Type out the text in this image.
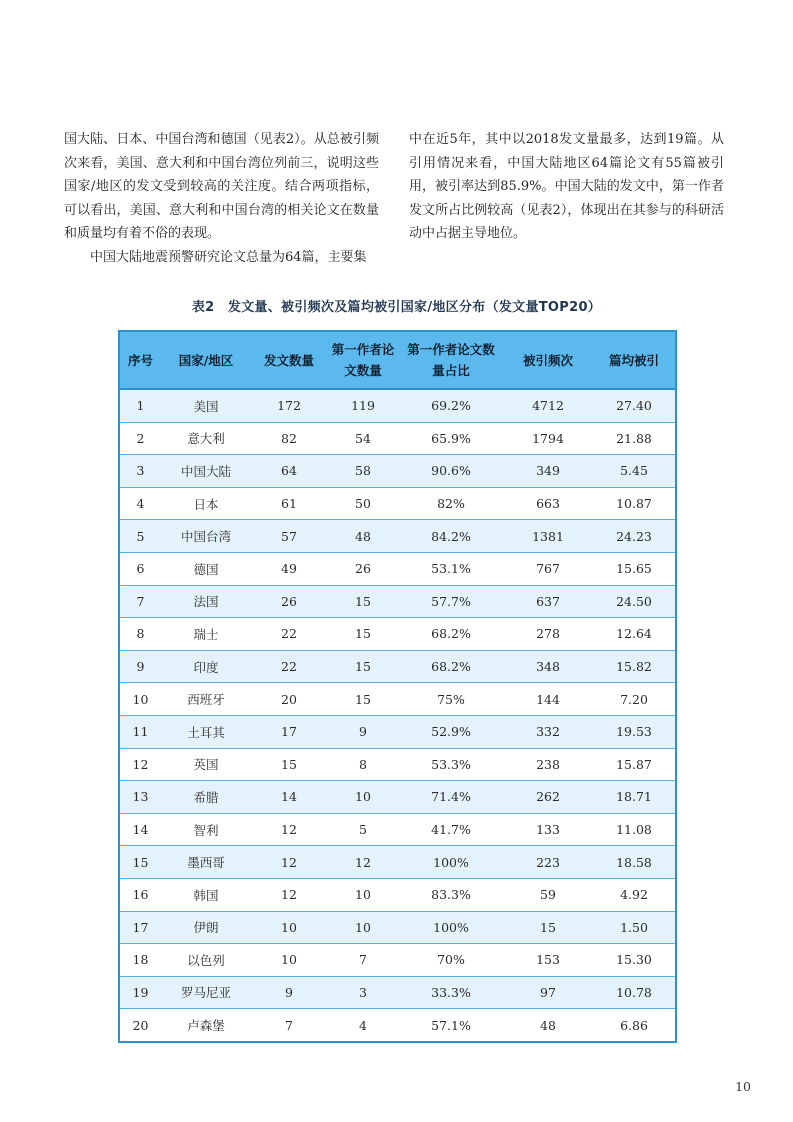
国大陆、日本、中国台湾和德国（见表2）。从总被引频次来看，美国、意大利和中国台湾位列前三，说明这些国家/地区的发文受到较高的关注度。结合两项指标，可以看出，美国、意大利和中国台湾的相关论文在数量和质量均有着不俗的表现。

中国大陆地震预警研究论文总量为64篇，主要集

中在近5年，其中以2018发文量最多，达到19篇。从引用情况来看，中国大陆地区64篇论文有55篇被引用，被引率达到85.9%。中国大陆的发文中，第一作者发文所占比例较高（见表2），体现出在其参与的科研活动中占据主导地位。

表2　发文量、被引频次及篇均被引国家/地区分布（发文量TOP20）
序号	国家/地区	发文数量	第一作者论文数量	第一作者论文数量占比	被引频次	篇均被引
1	美国	172	119	69.2%	4712	27.40
2	意大利	82	54	65.9%	1794	21.88
3	中国大陆	64	58	90.6%	349	5.45
4	日本	61	50	82%	663	10.87
5	中国台湾	57	48	84.2%	1381	24.23
6	德国	49	26	53.1%	767	15.65
7	法国	26	15	57.7%	637	24.50
8	瑞士	22	15	68.2%	278	12.64
9	印度	22	15	68.2%	348	15.82
10	西班牙	20	15	75%	144	7.20
11	土耳其	17	9	52.9%	332	19.53
12	英国	15	8	53.3%	238	15.87
13	希腊	14	10	71.4%	262	18.71
14	智利	12	5	41.7%	133	11.08
15	墨西哥	12	12	100%	223	18.58
16	韩国	12	10	83.3%	59	4.92
17	伊朗	10	10	100%	15	1.50
18	以色列	10	7	70%	153	15.30
19	罗马尼亚	9	3	33.3%	97	10.78
20	卢森堡	7	4	57.1%	48	6.86
10
